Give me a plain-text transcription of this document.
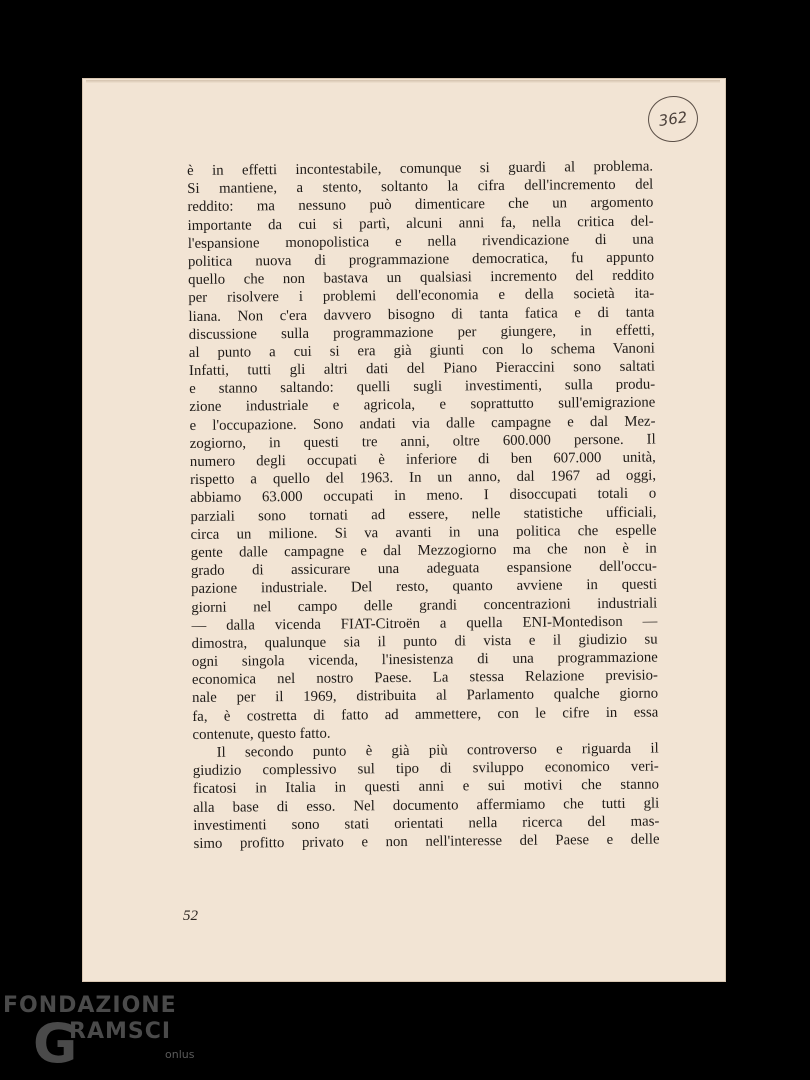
362
è in effetti incontestabile, comunque si guardi al problema.
Si mantiene, a stento, soltanto la cifra dell'incremento del
reddito: ma nessuno può dimenticare che un argomento
importante da cui si partì, alcuni anni fa, nella critica del-
l'espansione monopolistica e nella rivendicazione di una
politica nuova di programmazione democratica, fu appunto
quello che non bastava un qualsiasi incremento del reddito
per risolvere i problemi dell'economia e della società ita-
liana. Non c'era davvero bisogno di tanta fatica e di tanta
discussione sulla programmazione per giungere, in effetti,
al punto a cui si era già giunti con lo schema Vanoni
Infatti, tutti gli altri dati del Piano Pieraccini sono saltati
e stanno saltando: quelli sugli investimenti, sulla produ-
zione industriale e agricola, e soprattutto sull'emigrazione
e l'occupazione. Sono andati via dalle campagne e dal Mez-
zogiorno, in questi tre anni, oltre 600.000 persone. Il
numero degli occupati è inferiore di ben 607.000 unità,
rispetto a quello del 1963. In un anno, dal 1967 ad oggi,
abbiamo 63.000 occupati in meno. I disoccupati totali o
parziali sono tornati ad essere, nelle statistiche ufficiali,
circa un milione. Si va avanti in una politica che espelle
gente dalle campagne e dal Mezzogiorno ma che non è in
grado di assicurare una adeguata espansione dell'occu-
pazione industriale. Del resto, quanto avviene in questi
giorni nel campo delle grandi concentrazioni industriali
— dalla vicenda FIAT-Citroën a quella ENI-Montedison —
dimostra, qualunque sia il punto di vista e il giudizio su
ogni singola vicenda, l'inesistenza di una programmazione
economica nel nostro Paese. La stessa Relazione previsio-
nale per il 1969, distribuita al Parlamento qualche giorno
fa, è costretta di fatto ad ammettere, con le cifre in essa
contenute, questo fatto.
Il secondo punto è già più controverso e riguarda il
giudizio complessivo sul tipo di sviluppo economico veri-
ficatosi in Italia in questi anni e sui motivi che stanno
alla base di esso. Nel documento affermiamo che tutti gli
investimenti sono stati orientati nella ricerca del mas-
simo profitto privato e non nell'interesse del Paese e delle
52
FONDAZIONE
G
RAMSCI
onlus
